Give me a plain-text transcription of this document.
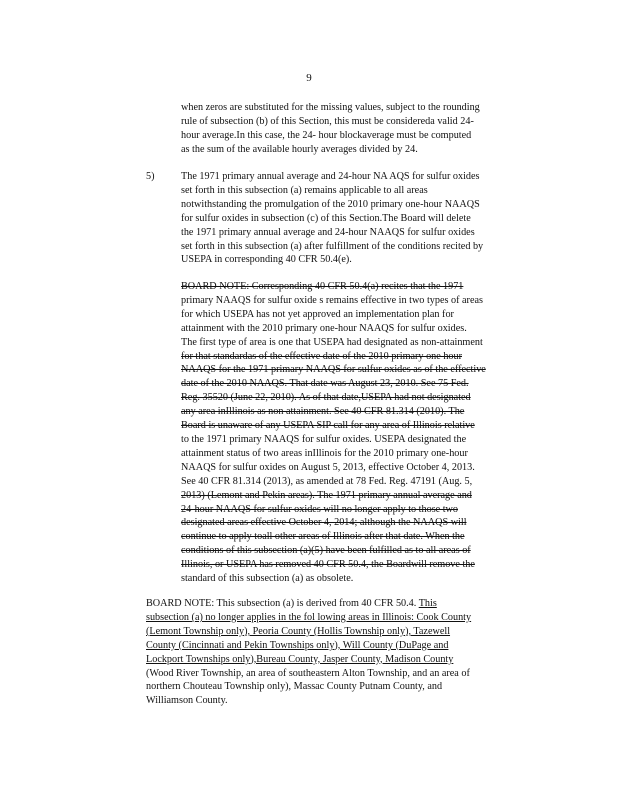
9
when zeros are substituted for the missing values, subject to the rounding
rule of subsection (b) of this Section, this must be considereda valid 24-
hour average.In this case, the 24- hour blockaverage must be computed
as the sum of the available hourly averages divided by 24.
5)	The 1971 primary annual average and 24-hour NA AQS for sulfur oxides
set forth in this subsection (a) remains applicable to all areas
notwithstanding the promulgation of the 2010 primary one-hour NAAQS
for sulfur oxides in subsection (c) of this Section.The Board will delete
the 1971 primary annual average and 24-hour NAAQS for sulfur oxides
set forth in this subsection (a) after fulfillment of the conditions recited by
USEPA in corresponding 40 CFR 50.4(e).
BOARD NOTE: Corresponding 40 CFR 50.4(a) recites that the 1971
primary NAAQS for sulfur oxide s remains effective in two types of areas
for which USEPA has not yet approved an implementation plan for
attainment with the 2010 primary one-hour NAAQS for sulfur oxides.
The first type of area is one that USEPA had designated as non-attainment
for that standardas of the effective date of the 2010 primary one hour
NAAQS for the 1971 primary NAAQS for sulfur oxides as of the effective
date of the 2010 NAAQS. That date was August 23, 2010. See 75 Fed.
Reg. 35520 (June 22, 2010). As of that date,USEPA had not designated
any area inIllinois as non attainment. See 40 CFR 81.314 (2010). The
Board is unaware of any USEPA SIP call for any area of Illinois relative
to the 1971 primary NAAQS for sulfur oxides. USEPA designated the
attainment status of two areas inIllinois for the 2010 primary one-hour
NAAQS for sulfur oxides on August 5, 2013, effective October 4, 2013.
See 40 CFR 81.314 (2013), as amended at 78 Fed. Reg. 47191 (Aug. 5,
2013) (Lemont and Pekin areas). The 1971 primary annual average and
24-hour NAAQS for sulfur oxides will no longer apply to those two
designated areas effective October 4, 2014; although the NAAQS will
continue to apply toall other areas of Illinois after that date. When the
conditions of this subsection (a)(5) have been fulfilled as to all areas of
Illinois, or USEPA has removed 40 CFR 50.4, the Boardwill remove the
standard of this subsection (a) as obsolete.
BOARD NOTE: This subsection (a) is derived from 40 CFR 50.4. This
subsection (a) no longer applies in the fol lowing areas in Illinois: Cook County
(Lemont Township only), Peoria County (Hollis Township only), Tazewell
County (Cincinnati and Pekin Townships only), Will County (DuPage and
Lockport Townships only),Bureau County, Jasper County, Madison County
(Wood River Township, an area of southeastern Alton Township, and an area of
northern Chouteau Township only), Massac County Putnam County, and
Williamson County.
